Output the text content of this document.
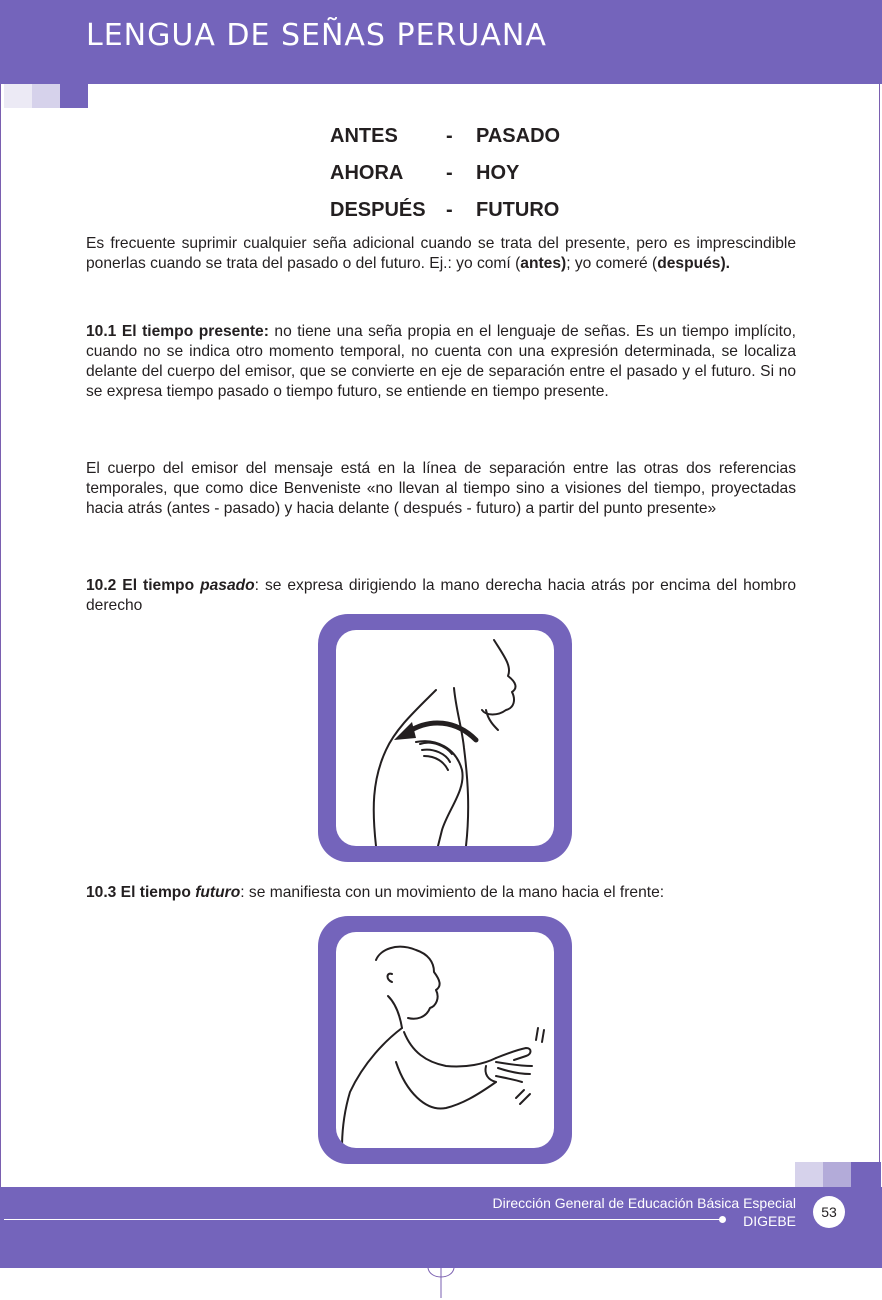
LENGUA DE SEÑAS PERUANA
ANTES - PASADO
AHORA - HOY
DESPUÉS - FUTURO

Es frecuente suprimir cualquier seña adicional cuando se trata del presente, pero es imprescindible ponerlas cuando se trata del pasado o del futuro. Ej.: yo comí (antes); yo comeré (después).

10.1 El tiempo presente: no tiene una seña propia en el lenguaje de señas. Es un tiempo implícito, cuando no se indica otro momento temporal, no cuenta con una expresión determinada, se localiza delante del cuerpo del emisor, que se convierte en eje de separación entre el pasado y el futuro. Si no se expresa tiempo pasado o tiempo futuro, se entiende en tiempo presente.

El cuerpo del emisor del mensaje está en la línea de separación entre las otras dos referencias temporales, que como dice Benveniste «no llevan al tiempo sino a visiones del tiempo, proyectadas hacia atrás (antes - pasado) y hacia delante ( después - futuro) a partir del punto presente»

10.2 El tiempo pasado: se expresa dirigiendo la mano derecha hacia atrás por encima del hombro derecho

10.3 El tiempo futuro: se manifiesta con un movimiento de la mano hacia el frente:

Dirección General de Educación Básica Especial
DIGEBE
53
